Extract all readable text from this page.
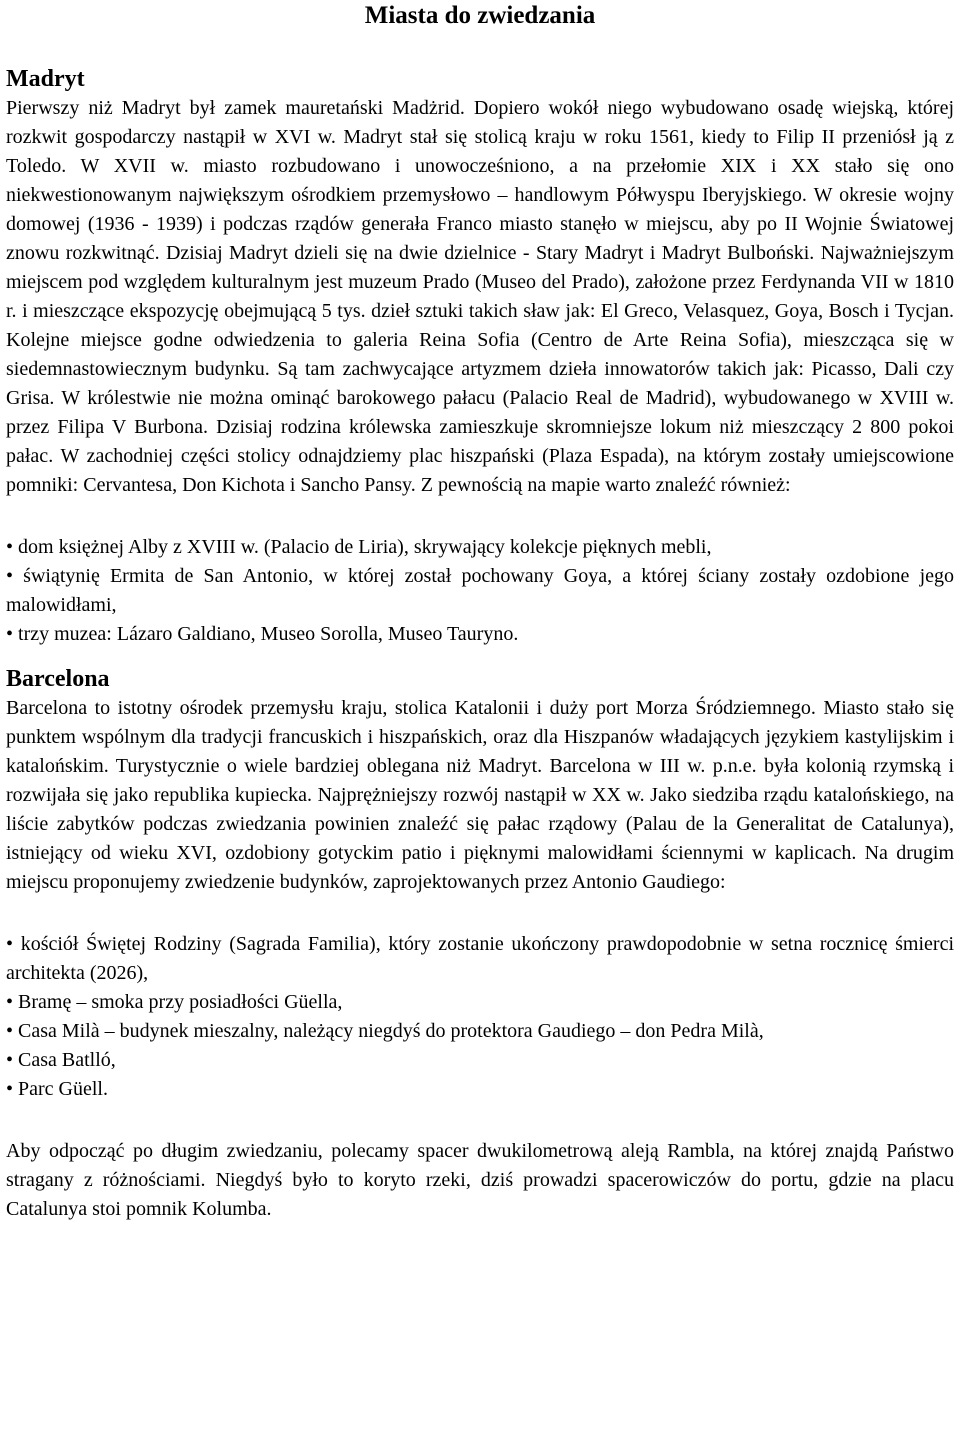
Miasta do zwiedzania
Madryt

Pierwszy niż Madryt był zamek mauretański Madżrid. Dopiero wokół niego wybudowano osadę wiejską, której rozkwit gospodarczy nastąpił w XVI w. Madryt stał się stolicą kraju w roku 1561, kiedy to Filip II przeniósł ją z Toledo. W XVII w. miasto rozbudowano i unowocześniono, a na przełomie XIX i XX stało się ono niekwestionowanym największym ośrodkiem przemysłowo – handlowym Półwyspu Iberyjskiego. W okresie wojny domowej (1936 - 1939) i podczas rządów generała Franco miasto stanęło w miejscu, aby po II Wojnie Światowej znowu rozkwitnąć. Dzisiaj Madryt dzieli się na dwie dzielnice - Stary Madryt i Madryt Bulboński. Najważniejszym miejscem pod względem kulturalnym jest muzeum Prado (Museo del Prado), założone przez Ferdynanda VII w 1810 r. i mieszczące ekspozycję obejmującą 5 tys. dzieł sztuki takich sław jak: El Greco, Velasquez, Goya, Bosch i Tycjan. Kolejne miejsce godne odwiedzenia to galeria Reina Sofia (Centro de Arte Reina Sofia), mieszcząca się w siedemnastowiecznym budynku. Są tam zachwycające artyzmem dzieła innowatorów takich jak: Picasso, Dali czy Grisa. W królestwie nie można ominąć barokowego pałacu (Palacio Real de Madrid), wybudowanego w XVIII w. przez Filipa V Burbona. Dzisiaj rodzina królewska zamieszkuje skromniejsze lokum niż mieszczący 2 800 pokoi pałac. W zachodniej części stolicy odnajdziemy plac hiszpański (Plaza Espada), na którym zostały umiejscowione pomniki: Cervantesa, Don Kichota i Sancho Pansy. Z pewnością na mapie warto znaleźć również:

• dom księżnej Alby z XVIII w. (Palacio de Liria), skrywający kolekcje pięknych mebli,
• świątynię Ermita de San Antonio, w której został pochowany Goya, a której ściany zostały ozdobione jego malowidłami,
• trzy muzea: Lázaro Galdiano, Museo Sorolla, Museo Tauryno.
Barcelona

Barcelona to istotny ośrodek przemysłu kraju, stolica Katalonii i duży port Morza Śródziemnego. Miasto stało się punktem wspólnym dla tradycji francuskich i hiszpańskich, oraz dla Hiszpanów władających językiem kastylijskim i katalońskim. Turystycznie o wiele bardziej oblegana niż Madryt. Barcelona w III w. p.n.e. była kolonią rzymską i rozwijała się jako republika kupiecka. Najprężniejszy rozwój nastąpił w XX w. Jako siedziba rządu katalońskiego, na liście zabytków podczas zwiedzania powinien znaleźć się pałac rządowy (Palau de la Generalitat de Catalunya), istniejący od wieku XVI, ozdobiony gotyckim patio i pięknymi malowidłami ściennymi w kaplicach. Na drugim miejscu proponujemy zwiedzenie budynków, zaprojektowanych przez Antonio Gaudiego:

• kościół Świętej Rodziny (Sagrada Familia), który zostanie ukończony prawdopodobnie w setna rocznicę śmierci architekta (2026),
• Bramę – smoka przy posiadłości Güella,
• Casa Milà – budynek mieszalny, należący niegdyś do protektora Gaudiego – don Pedra Milà,
• Casa Batlló,
• Parc Güell.

Aby odpocząć po długim zwiedzaniu, polecamy spacer dwukilometrową aleją Rambla, na której znajdą Państwo stragany z różnościami. Niegdyś było to koryto rzeki, dziś prowadzi spacerowiczów do portu, gdzie na placu Catalunya stoi pomnik Kolumba.
